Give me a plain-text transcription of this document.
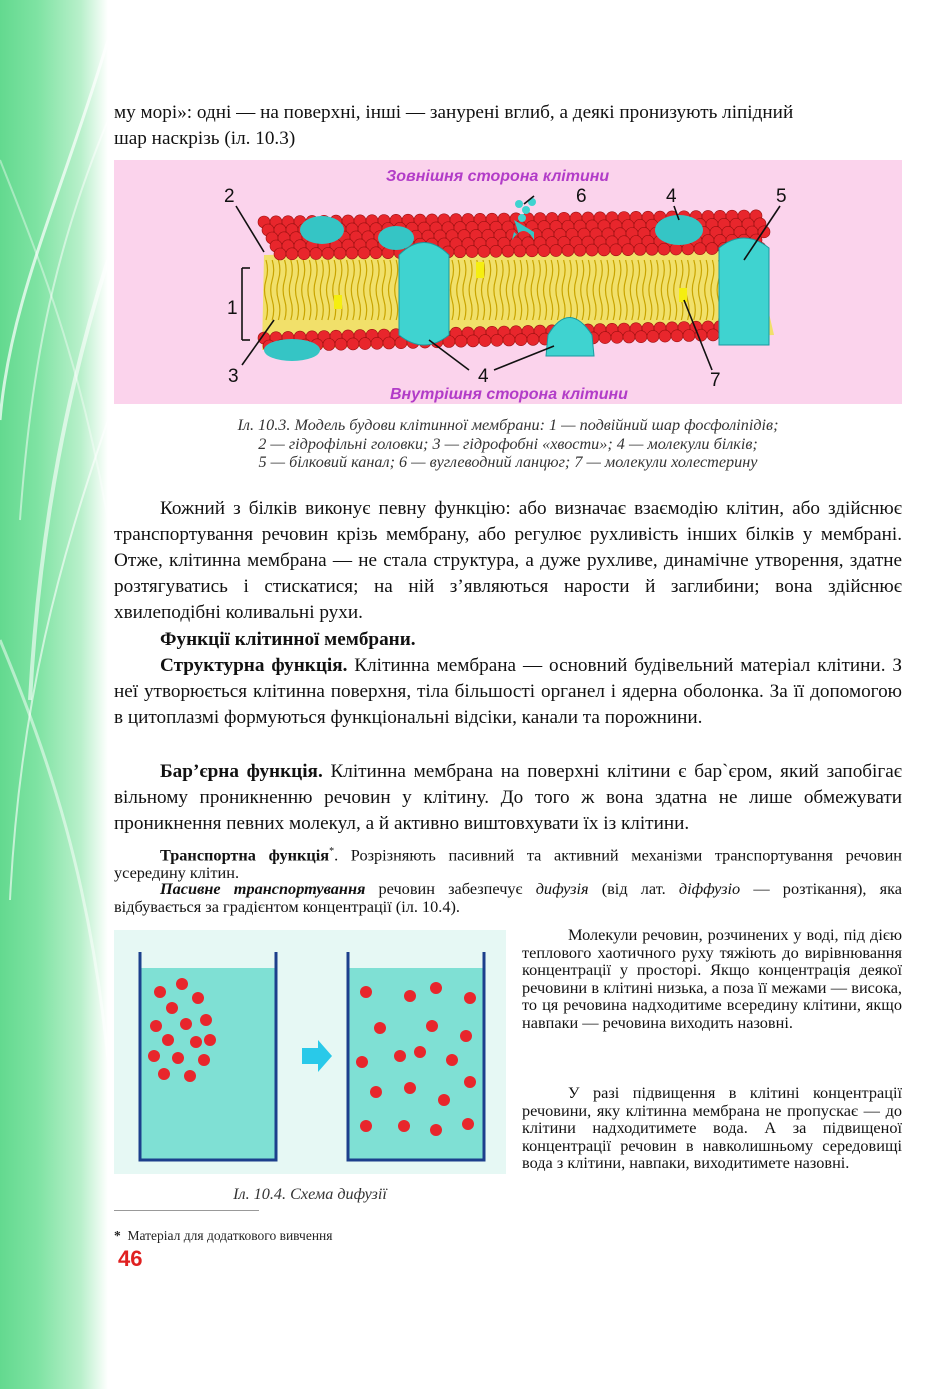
му морі»: одні — на поверхні, інші — занурені вглиб, а деякі пронизують ліпідний

шар наскрізь (іл. 10.3)

2
1
3
6	4	5
4	7
Зовнішня сторона клітини
Внутрішня сторона клітини
Іл. 10.3. Модель будови клітинної мембрани: 1 — подвійний шар фосфоліпідів;
2 — гідрофільні головки; 3 — гідрофобні «хвости»; 4 — молекули білків;
5 — білковий канал; 6 — вуглеводний ланцюг; 7 — молекули холестерину

Кожний з білків виконує певну функцію: або визначає взаємодію клітин, або здійснює транспортування речовин крізь мембрану, або регулює рухливість інших білків у мембрані. Отже, клітинна мембрана — не стала структура, а дуже рухливе, динамічне утворення, здатне розтягуватись і стискатися; на ній з’являються нарости й заглибини; вона здійснює хвилеподібні коливальні рухи.

Функції клітинної мембрани.

Структурна функція. Клітинна мембрана — основний будівельний матеріал клітини. З неї утворюється клітинна поверхня, тіла більшості органел і ядерна оболонка. За її допомогою в цитоплазмі формуються функціональні відсіки, канали та порожнини.

Бар’єрна функція. Клітинна мембрана на поверхні клітини є бар`єром, який запобігає вільному проникненню речовин у клітину. До того ж вона здатна не лише обмежувати проникнення певних молекул, а й активно виштовхувати їх із клітини.

Транспортна функція*. Розрізняють пасивний та активний механізми транспортування речовин усередину клітин.

Пасивне транспортування речовин забезпечує дифузія (від лат. діффузіо — розтікання), яка відбувається за градієнтом концентрації (іл. 10.4).

Іл. 10.4. Схема дифузії

Молекули речовин, розчинених у воді, під дією теплового хаотичного руху тяжіють до вирівнювання концентрації у просторі. Якщо концентрація деякої речовини в клітині низька, а поза її межами — висока, то ця речовина надходитиме всередину клітини, якщо навпаки — речовина виходить назовні.

У разі підвищення в клітині концентрації речовини, яку клітинна мембрана не пропускає — до клітини надходитимете вода. А за підвищеної концентрації речовин в навколишньому середовищі вода з клітини, навпаки, виходитимете назовні.

* Матеріал для додаткового вивчення
46
